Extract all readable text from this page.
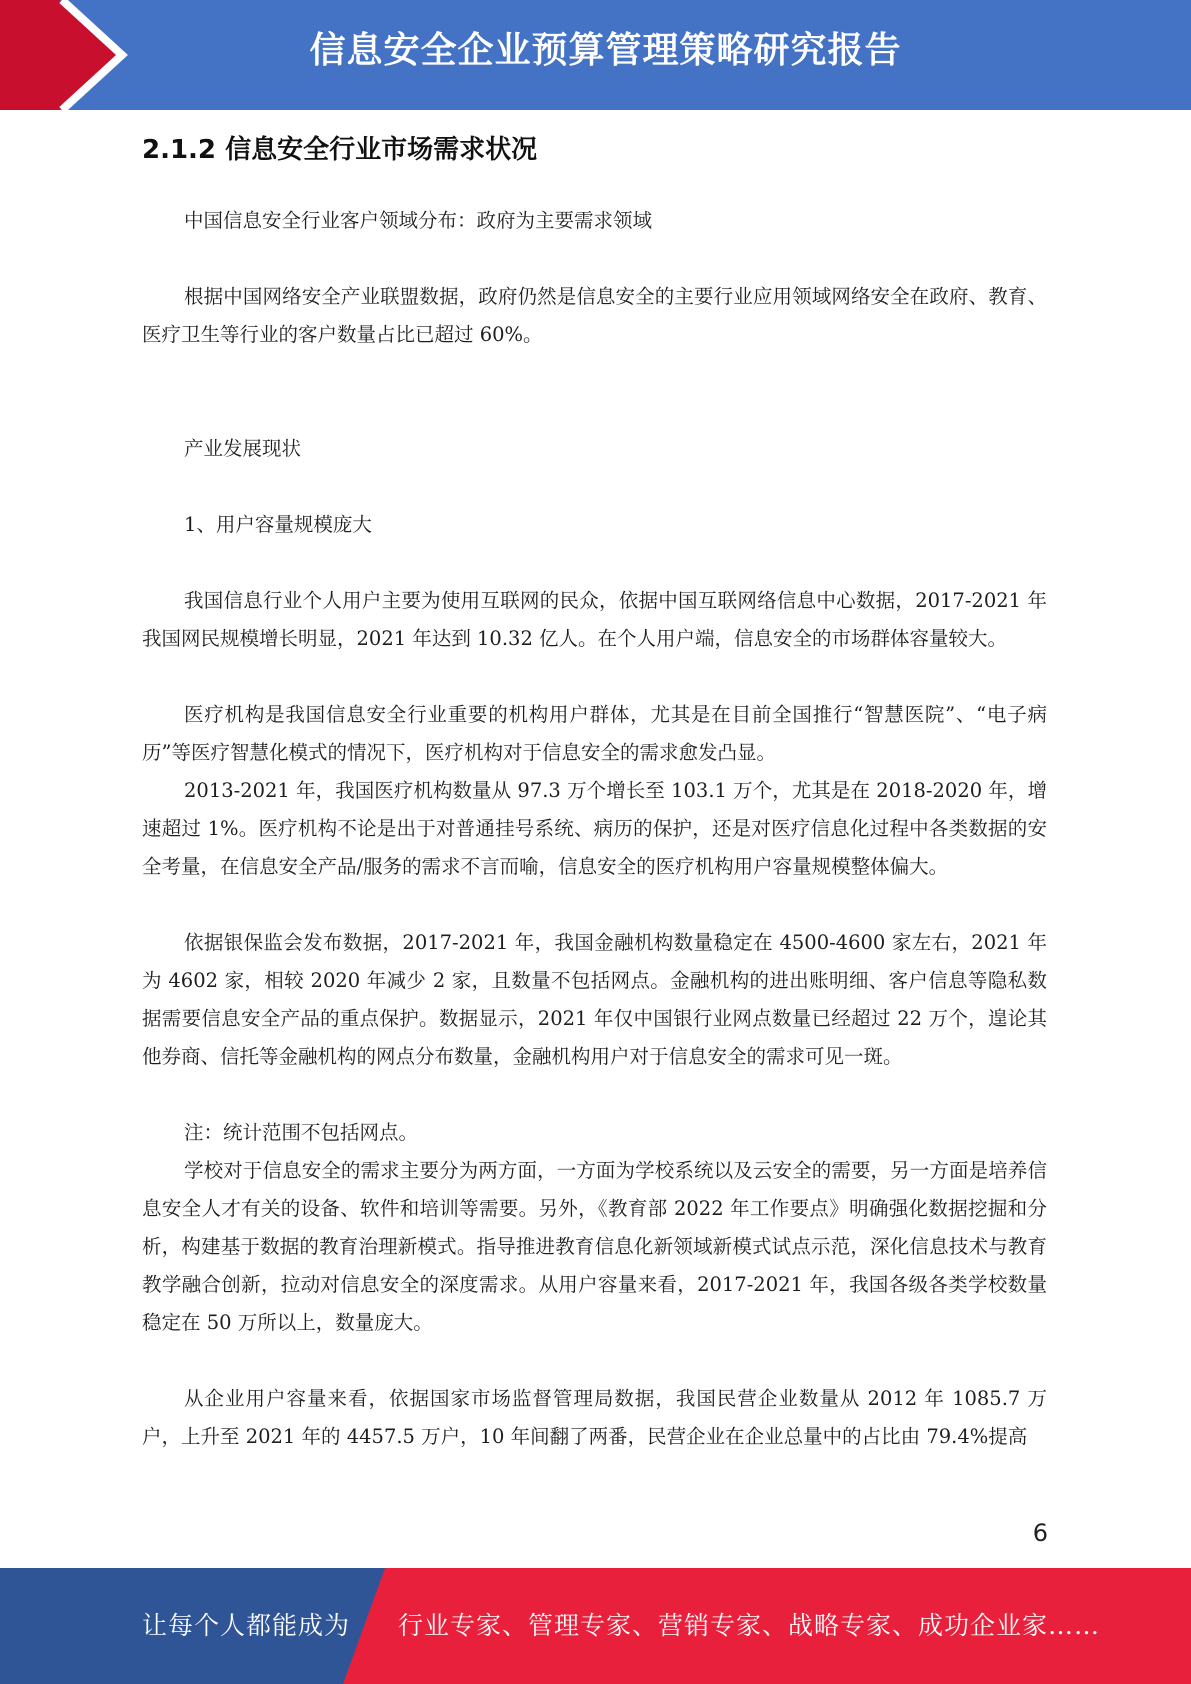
信息安全企业预算管理策略研究报告
2.1.2 信息安全行业市场需求状况

中国信息安全行业客户领域分布：政府为主要需求领域

根据中国网络安全产业联盟数据，政府仍然是信息安全的主要行业应用领域网络安全在政府、教育、医疗卫生等行业的客户数量占比已超过 60%。

产业发展现状

1、用户容量规模庞大

我国信息行业个人用户主要为使用互联网的民众，依据中国互联网络信息中心数据，2017-2021 年我国网民规模增长明显，2021 年达到 10.32 亿人。在个人用户端，信息安全的市场群体容量较大。

医疗机构是我国信息安全行业重要的机构用户群体，尤其是在目前全国推行“智慧医院”、“电子病历”等医疗智慧化模式的情况下，医疗机构对于信息安全的需求愈发凸显。

2013-2021 年，我国医疗机构数量从 97.3 万个增长至 103.1 万个，尤其是在 2018-2020 年，增速超过 1%。医疗机构不论是出于对普通挂号系统、病历的保护，还是对医疗信息化过程中各类数据的安全考量，在信息安全产品/服务的需求不言而喻，信息安全的医疗机构用户容量规模整体偏大。

依据银保监会发布数据，2017-2021 年，我国金融机构数量稳定在 4500-4600 家左右，2021 年为 4602 家，相较 2020 年减少 2 家，且数量不包括网点。金融机构的进出账明细、客户信息等隐私数据需要信息安全产品的重点保护。数据显示，2021 年仅中国银行业网点数量已经超过 22 万个，遑论其他券商、信托等金融机构的网点分布数量，金融机构用户对于信息安全的需求可见一斑。

注：统计范围不包括网点。

学校对于信息安全的需求主要分为两方面，一方面为学校系统以及云安全的需要，另一方面是培养信息安全人才有关的设备、软件和培训等需要。另外，《教育部 2022 年工作要点》明确强化数据挖掘和分析，构建基于数据的教育治理新模式。指导推进教育信息化新领域新模式试点示范，深化信息技术与教育教学融合创新，拉动对信息安全的深度需求。从用户容量来看，2017-2021 年，我国各级各类学校数量稳定在 50 万所以上，数量庞大。

从企业用户容量来看，依据国家市场监督管理局数据，我国民营企业数量从 2012 年 1085.7 万户，上升至 2021 年的 4457.5 万户，10 年间翻了两番，民营企业在企业总量中的占比由 79.4%提高

6
让每个人都能成为 行业专家、管理专家、营销专家、战略专家、成功企业家……
